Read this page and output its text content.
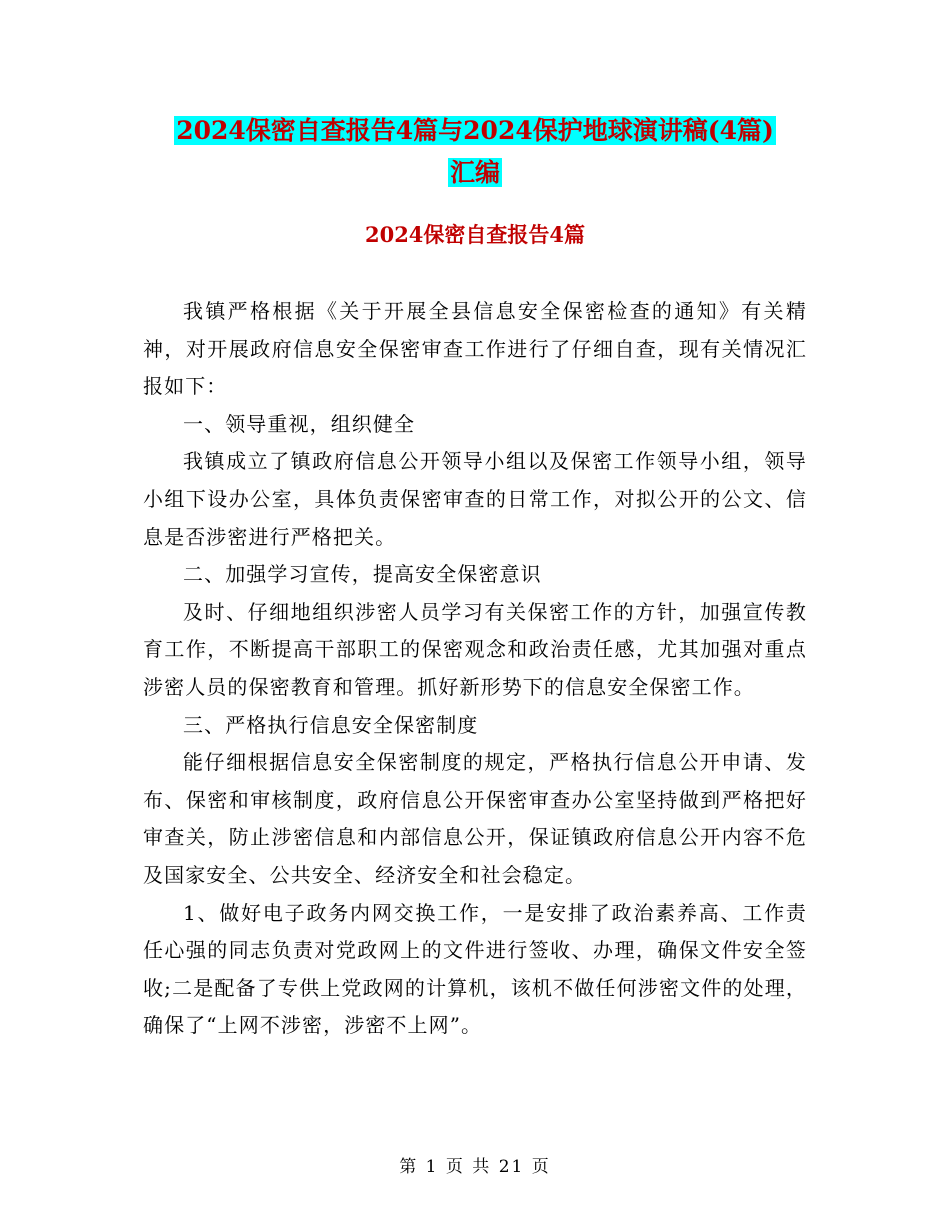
2024保密自查报告4篇与2024保护地球演讲稿(4篇)
汇编
2024保密自查报告4篇

我镇严格根据《关于开展全县信息安全保密检查的通知》有关精神，对开展政府信息安全保密审查工作进行了仔细自查，现有关情况汇报如下：

一、领导重视，组织健全

我镇成立了镇政府信息公开领导小组以及保密工作领导小组，领导小组下设办公室，具体负责保密审查的日常工作，对拟公开的公文、信息是否涉密进行严格把关。

二、加强学习宣传，提高安全保密意识

及时、仔细地组织涉密人员学习有关保密工作的方针，加强宣传教育工作，不断提高干部职工的保密观念和政治责任感，尤其加强对重点涉密人员的保密教育和管理。抓好新形势下的信息安全保密工作。

三、严格执行信息安全保密制度

能仔细根据信息安全保密制度的规定，严格执行信息公开申请、发布、保密和审核制度，政府信息公开保密审查办公室坚持做到严格把好审查关，防止涉密信息和内部信息公开，保证镇政府信息公开内容不危及国家安全、公共安全、经济安全和社会稳定。

1、做好电子政务内网交换工作，一是安排了政治素养高、工作责任心强的同志负责对党政网上的文件进行签收、办理，确保文件安全签收;二是配备了专供上党政网的计算机，该机不做任何涉密文件的处理，确保了“上网不涉密，涉密不上网”。

第 1 页 共 21 页
